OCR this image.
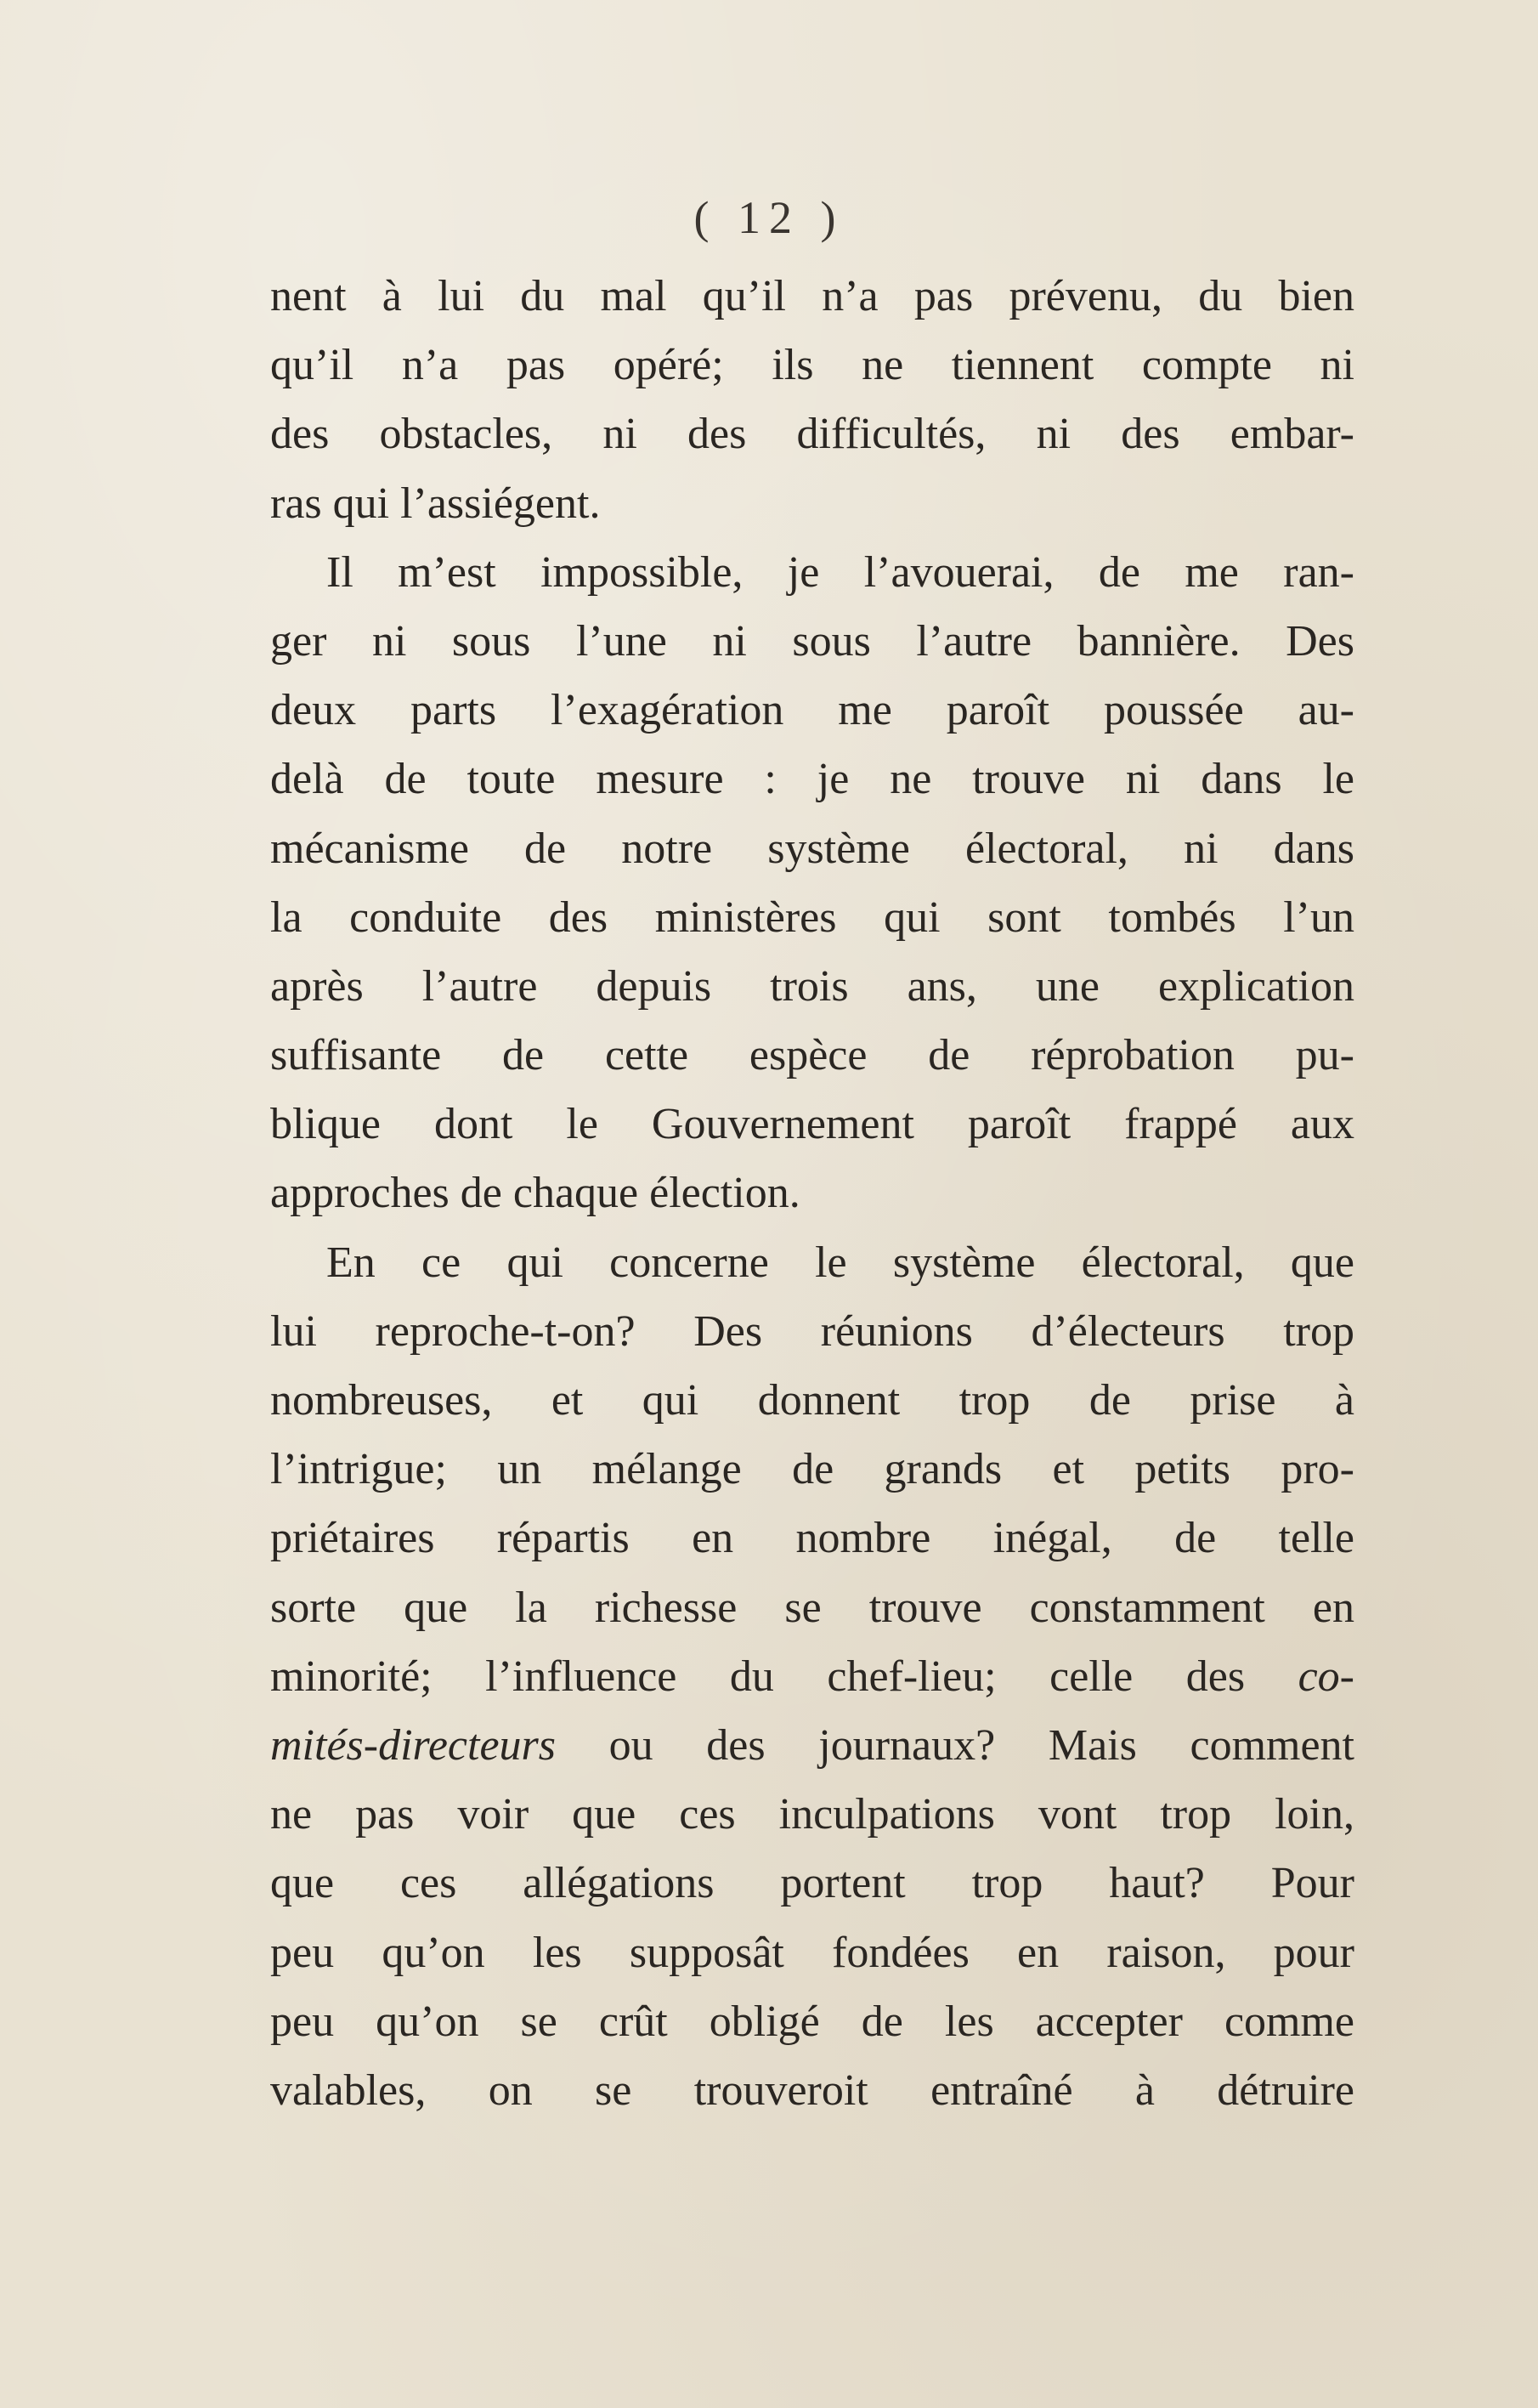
( 12 )
nent à lui du mal qu’il n’a pas prévenu, du bien
qu’il n’a pas opéré; ils ne tiennent compte ni
des obstacles, ni des difficultés, ni des embar-
ras qui l’assiégent.
Il m’est impossible, je l’avouerai, de me ran-
ger ni sous l’une ni sous l’autre bannière. Des
deux parts l’exagération me paroît poussée au-
delà de toute mesure : je ne trouve ni dans le
mécanisme de notre système électoral, ni dans
la conduite des ministères qui sont tombés l’un
après l’autre depuis trois ans, une explication
suffisante de cette espèce de réprobation pu-
blique dont le Gouvernement paroît frappé aux
approches de chaque élection.
En ce qui concerne le système électoral, que
lui reproche-t-on? Des réunions d’électeurs trop
nombreuses, et qui donnent trop de prise à
l’intrigue; un mélange de grands et petits pro-
priétaires répartis en nombre inégal, de telle
sorte que la richesse se trouve constamment en
minorité; l’influence du chef-lieu; celle des co-
mités-directeurs ou des journaux? Mais comment
ne pas voir que ces inculpations vont trop loin,
que ces allégations portent trop haut? Pour
peu qu’on les supposât fondées en raison, pour
peu qu’on se crût obligé de les accepter comme
valables, on se trouveroit entraîné à détruire
